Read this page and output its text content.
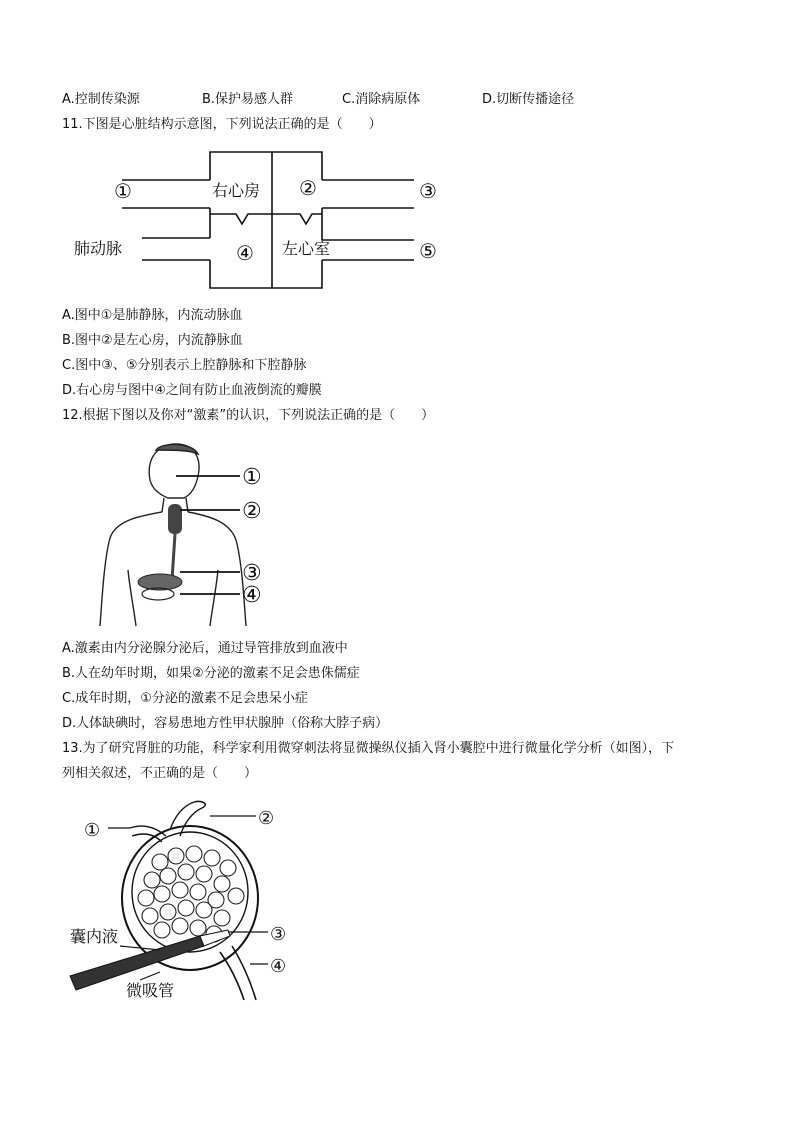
A.控制传染源	B.保护易感人群	C.消除病原体	D.切断传播途径
11.下图是心脏结构示意图，下列说法正确的是（　　）
右心房
左心室
肺动脉
①	②	③
④	⑤
A.图中①是肺静脉，内流动脉血
B.图中②是左心房，内流静脉血
C.图中③、⑤分别表示上腔静脉和下腔静脉
D.右心房与图中④之间有防止血液倒流的瓣膜
12.根据下图以及你对“激素”的认识，下列说法正确的是（　　）
①
②
③
④
A.激素由内分泌腺分泌后，通过导管排放到血液中
B.人在幼年时期，如果②分泌的激素不足会患侏儒症
C.成年时期，①分泌的激素不足会患呆小症
D.人体缺碘时，容易患地方性甲状腺肿（俗称大脖子病）
13.为了研究肾脏的功能，科学家利用微穿刺法将显微操纵仪插入肾小囊腔中进行微量化学分析（如图），下
列相关叙述，不正确的是（　　）
①
②
③
④
囊内液
微吸管
